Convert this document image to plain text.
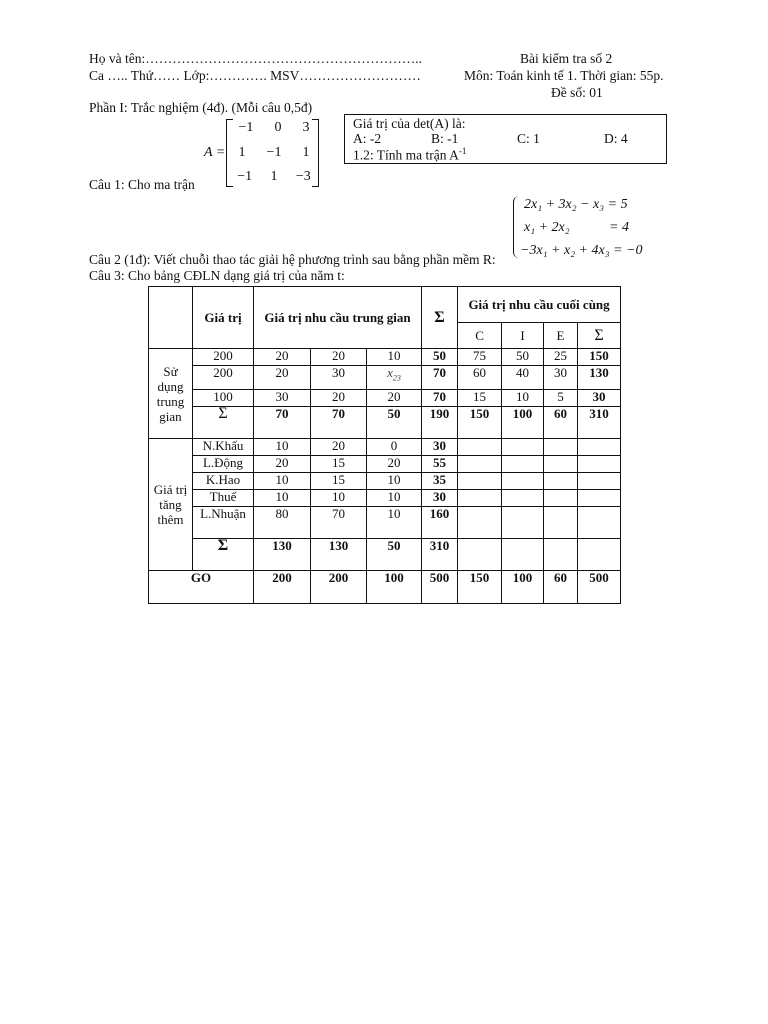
Họ và tên:……………………………………………………..
Ca ….. Thứ…… Lớp:…………. MSV………………………
Bài kiểm tra số 2
Môn: Toán kinh tế 1. Thời gian: 55p.
Đề số: 01
Phần I: Trắc nghiệm (4đ). (Mỗi câu 0,5đ)
A =
−1 0 3
1 −1 1
−1 1 −3
Câu 1: Cho ma trận
Giá trị của det(A) là:
A: -2	B: -1	C: 1	D: 4
1.2: Tính ma trận $A^{-1}$
2x₁ + 3x₂ − x₃ = 5
x₁ + 2x₂	= 4
−3x₁ + x₂ + 4x₃ = −0
Câu 2 (1đ): Viết chuỗi thao tác giải hệ phương trình sau bằng phần mềm R:
Câu 3: Cho bảng CĐLN dạng giá trị của năm t:
	Giá trị	Giá trị nhu cầu trung gian			Σ	Giá trị nhu cầu cuối cùng			
						C	I	E	Σ
Sử dụng trung gian	200	20	20	10	50	75	50	25	150
	200	20	30	$x_{23}$	70	60	40	30	130
	100	30	20	20	70	15	10	5	30
	Σ	70	70	50	190	150	100	60	310
Giá trị tăng thêm	N.Khấu	10	20	0	30				
	L.Động	20	15	20	55				
	K.Hao	10	15	10	35				
	Thuế	10	10	10	30				
	L.Nhuận	80	70	10	160				
	Σ	130	130	50	310				
GO		200	200	100	500	150	100	60	500
